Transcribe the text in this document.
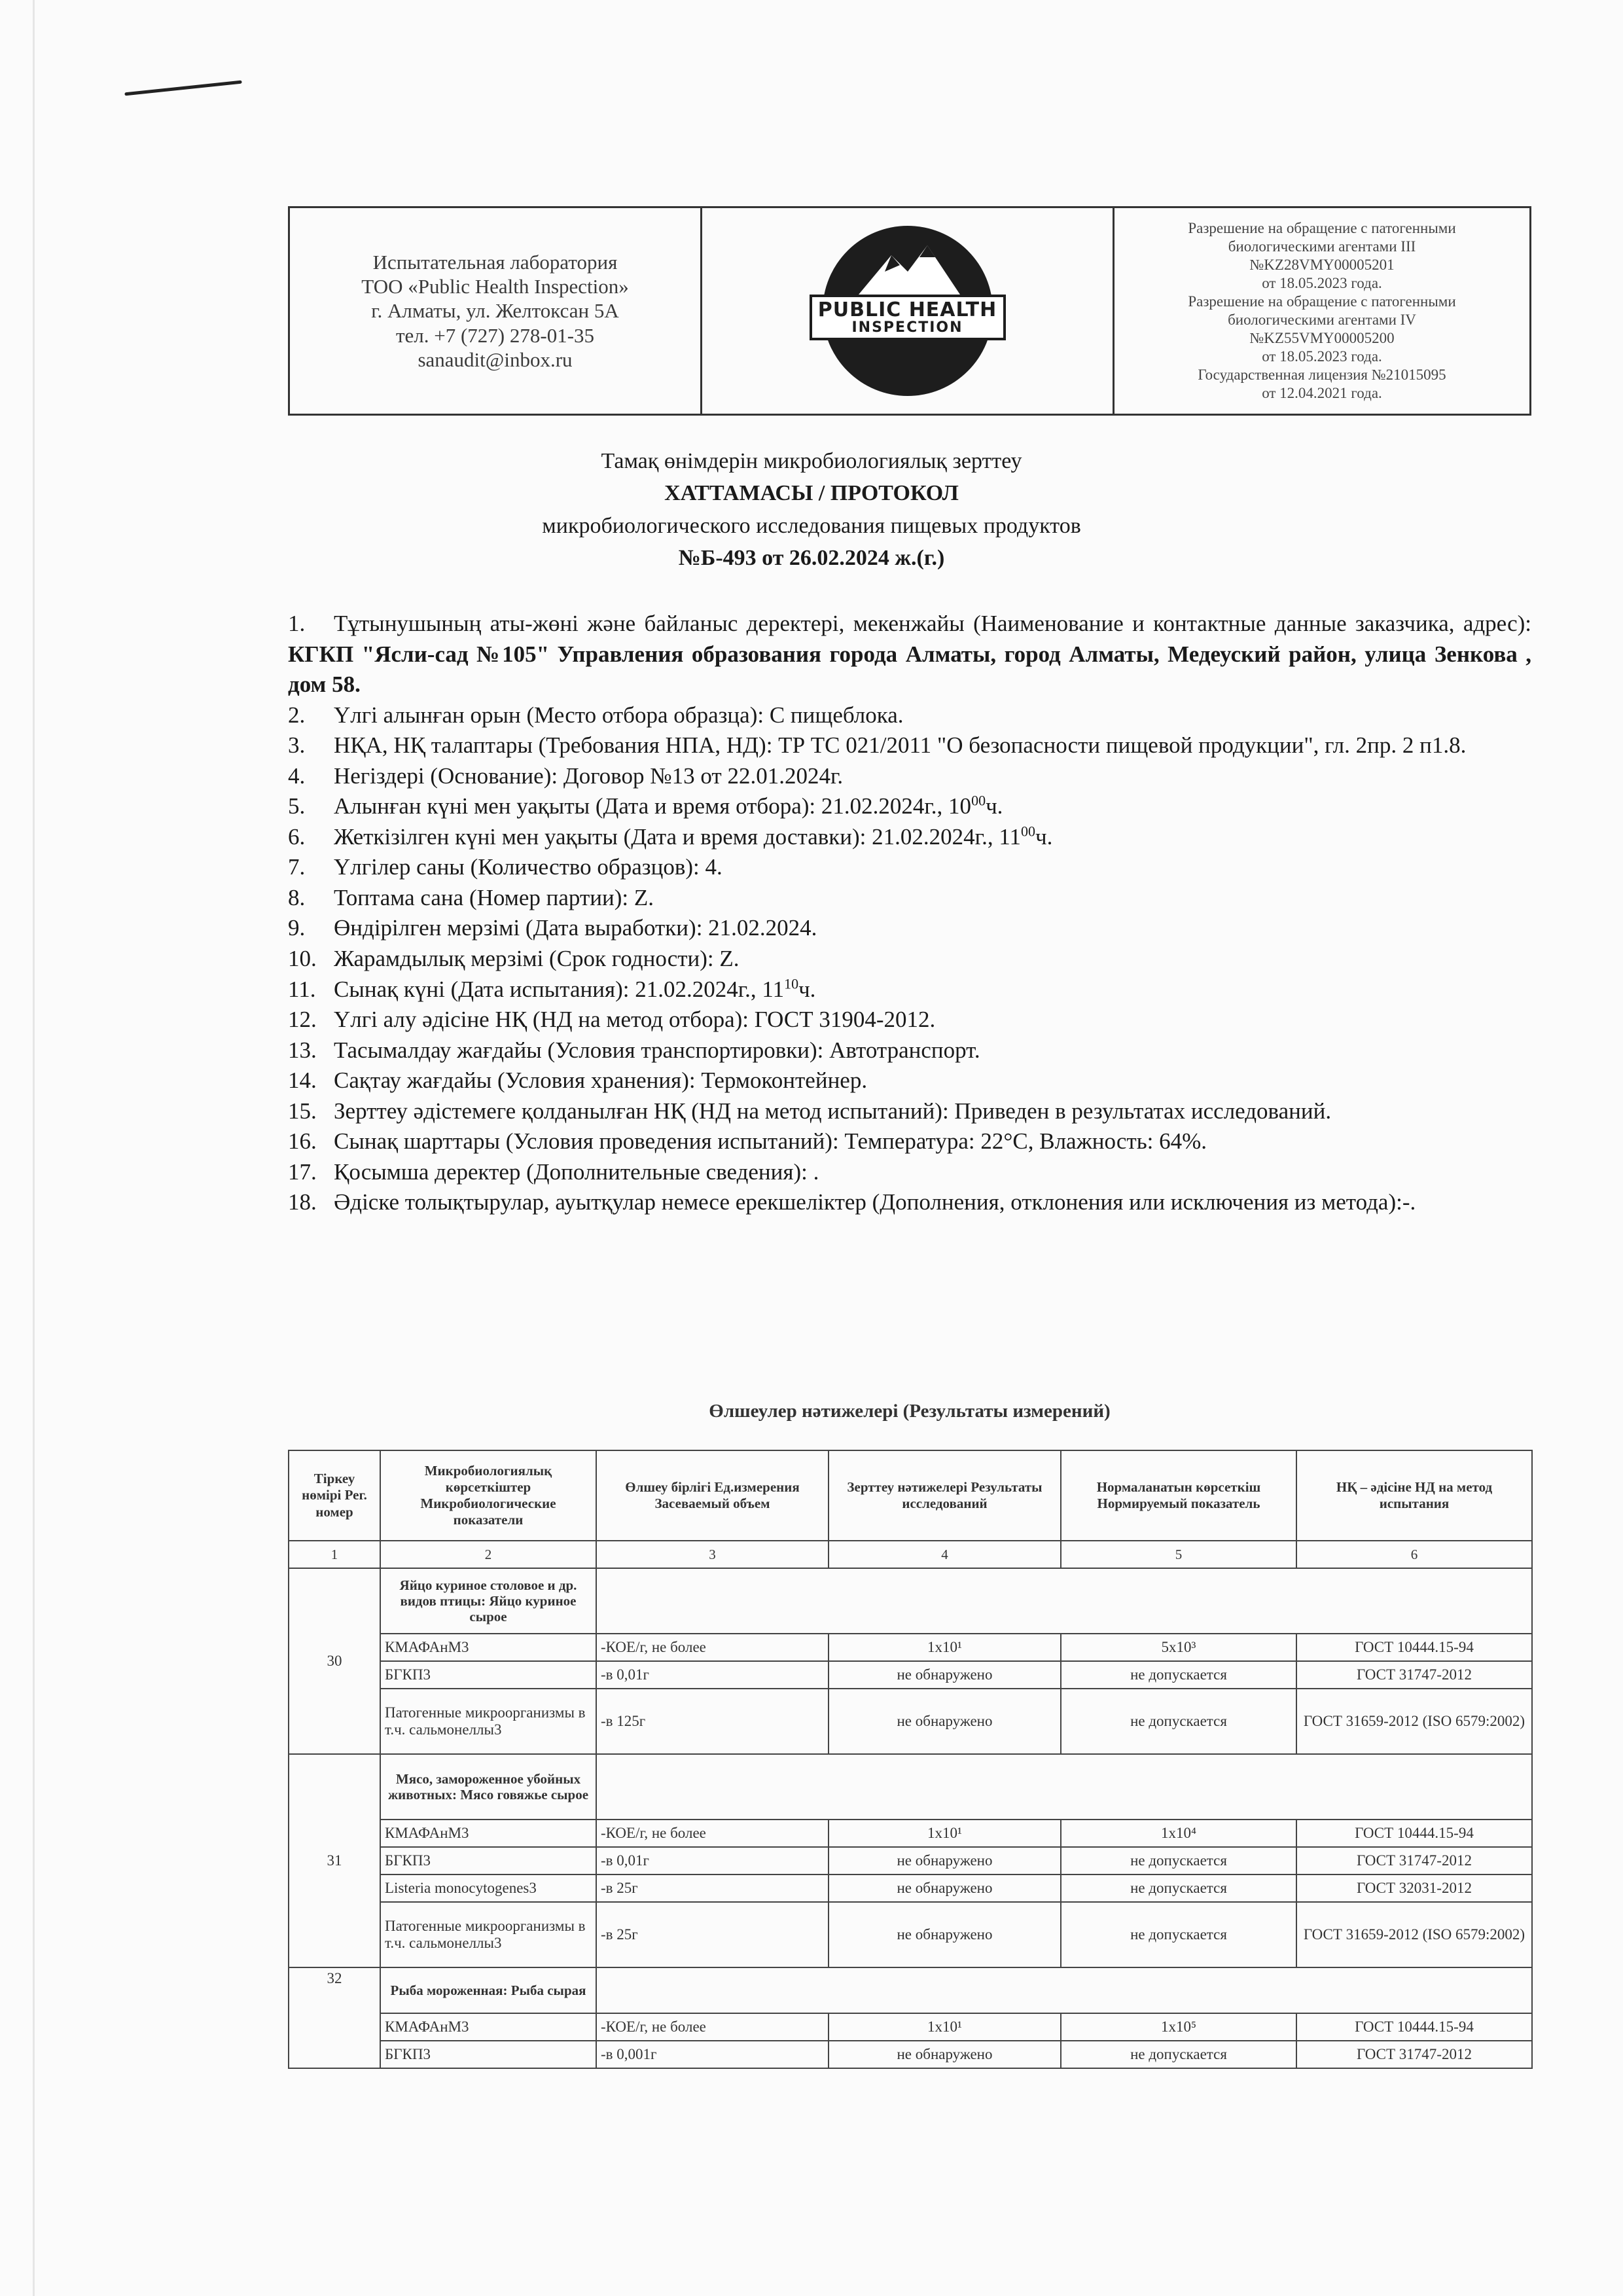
Испытательная лаборатория
ТОО «Public Health Inspection»
г. Алматы, ул. Желтоксан 5А
тел. +7 (727) 278-01-35
sanaudit@inbox.ru
PUBLIC HEALTH
INSPECTION
Разрешение на обращение с патогенными
биологическими агентами III
№KZ28VMY00005201
от 18.05.2023 года.
Разрешение на обращение с патогенными
биологическими агентами IV
№KZ55VMY00005200
от 18.05.2023 года.
Государственная лицензия №21015095
от 12.04.2021 года.
Тамақ өнімдерін микробиологиялық зерттеу
ХАТТАМАСЫ / ПРОТОКОЛ
микробиологического исследования пищевых продуктов
№Б-493 от 26.02.2024 ж.(г.)

1. Тұтынушының аты-жөні және байланыс деректері, мекенжайы (Наименование и контактные данные заказчика, адрес): КГКП "Ясли-сад №105" Управления образования города Алматы, город Алматы, Медеуский район, улица Зенкова , дом 58.

2. Үлгі алынған орын (Место отбора образца): С пищеблока.

3. НҚА, НҚ талаптары (Требования НПА, НД): ТР ТС 021/2011 "О безопасности пищевой продукции", гл. 2пр. 2 п1.8.

4. Негіздері (Основание): Договор №13 от 22.01.2024г.

5. Алынған күні мен уақыты (Дата и время отбора): 21.02.2024г., $10^{00}ч$.

6. Жеткізілген күні мен уақыты (Дата и время доставки): 21.02.2024г., $11^{00}ч$.

7. Үлгілер саны (Количество образцов): 4.

8. Топтама сана (Номер партии): Z.

9. Өндірілген мерзімі (Дата выработки): 21.02.2024.

10. Жарамдылық мерзімі (Срок годности): Z.

11. Сынақ күні (Дата испытания): 21.02.2024г., $11^{10}ч$.

12. Үлгі алу әдісіне НҚ (НД на метод отбора): ГОСТ 31904-2012.

13. Тасымалдау жағдайы (Условия транспортировки): Автотранспорт.

14. Сақтау жағдайы (Условия хранения): Термоконтейнер.

15. Зерттеу әдістемеге қолданылған НҚ (НД на метод испытаний): Приведен в результатах исследований.

16. Сынақ шарттары (Условия проведения испытаний): Температура: 22°С, Влажность: 64%.

17. Қосымша деректер (Дополнительные сведения): .

18. Әдіске толықтырулар, ауытқулар немесе ерекшеліктер (Дополнения, отклонения или исключения из метода):-.

Өлшеулер нәтижелері (Результаты измерений)
Тіркеу нөмірі Рег. номер	Микробиологиялық көрсеткіштер Микробиологические показатели	Өлшеу бірлігі Ед.измерения Засеваемый объем	Зерттеу нәтижелері Результаты исследований	Нормаланатын көрсеткіш Нормируемый показатель	НҚ – әдісіне НД на метод испытания
1	2	3	4	5	6
30	Яйцо куриное столовое и др. видов птицы: Яйцо куриное сырое				
	КМАФАнМ3	-КОЕ/г, не более	1х10¹	5х10³	ГОСТ 10444.15-94
	БГКП3	-в 0,01г	не обнаружено	не допускается	ГОСТ 31747-2012
	Патогенные микроорганизмы в т.ч. сальмонеллы3	-в 125г	не обнаружено	не допускается	ГОСТ 31659-2012 (ISO 6579:2002)
31	Мясо, замороженное убойных животных: Мясо говяжье сырое				
	КМАФАнМ3	-КОЕ/г, не более	1х10¹	1х10⁴	ГОСТ 10444.15-94
	БГКП3	-в 0,01г	не обнаружено	не допускается	ГОСТ 31747-2012
	Listeria monocytogenes3	-в 25г	не обнаружено	не допускается	ГОСТ 32031-2012
	Патогенные микроорганизмы в т.ч. сальмонеллы3	-в 25г	не обнаружено	не допускается	ГОСТ 31659-2012 (ISO 6579:2002)
32	Рыба мороженная: Рыба сырая				
	КМАФАнМ3	-КОЕ/г, не более	1х10¹	1х10⁵	ГОСТ 10444.15-94
	БГКП3	-в 0,001г	не обнаружено	не допускается	ГОСТ 31747-2012
